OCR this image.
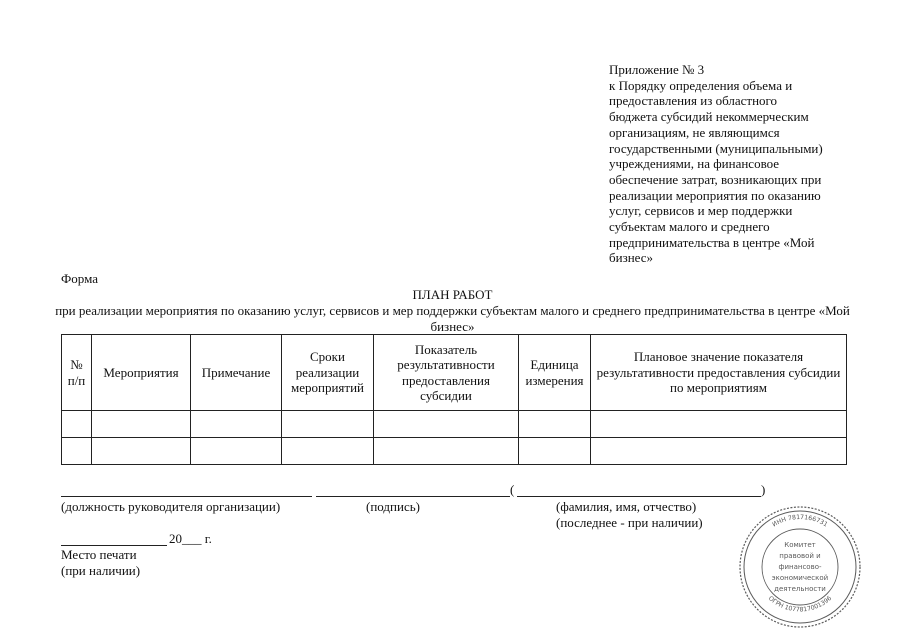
Приложение № 3
к Порядку определения объема и
предоставления из областного
бюджета субсидий некоммерческим
организациям, не являющимся
государственными (муниципальными)
учреждениями, на финансовое
обеспечение затрат, возникающих при
реализации мероприятия по оказанию
услуг, сервисов и мер поддержки
субъектам малого и среднего
предпринимательства в центре «Мой
бизнес»
Форма
ПЛАН РАБОТ
при реализации мероприятия по оказанию услуг, сервисов и мер поддержки субъектам малого и среднего предпринимательства в центре «Мой бизнес»
№ п/п	Мероприятия	Примечание	Сроки реализации мероприятий	Показатель результативности предоставления субсидии	Единица измерения	Плановое значение показателя результативности предоставления субсидии по мероприятиям

(	)
(должность руководителя организации)	(подпись)	(фамилия, имя, отчество)
(последнее - при наличии)
20___ г.
Место печати
(при наличии)
ИНН 7817166731
ОГРН 1077817001396
Комитет
правовой и
финансово-
экономической
деятельности
